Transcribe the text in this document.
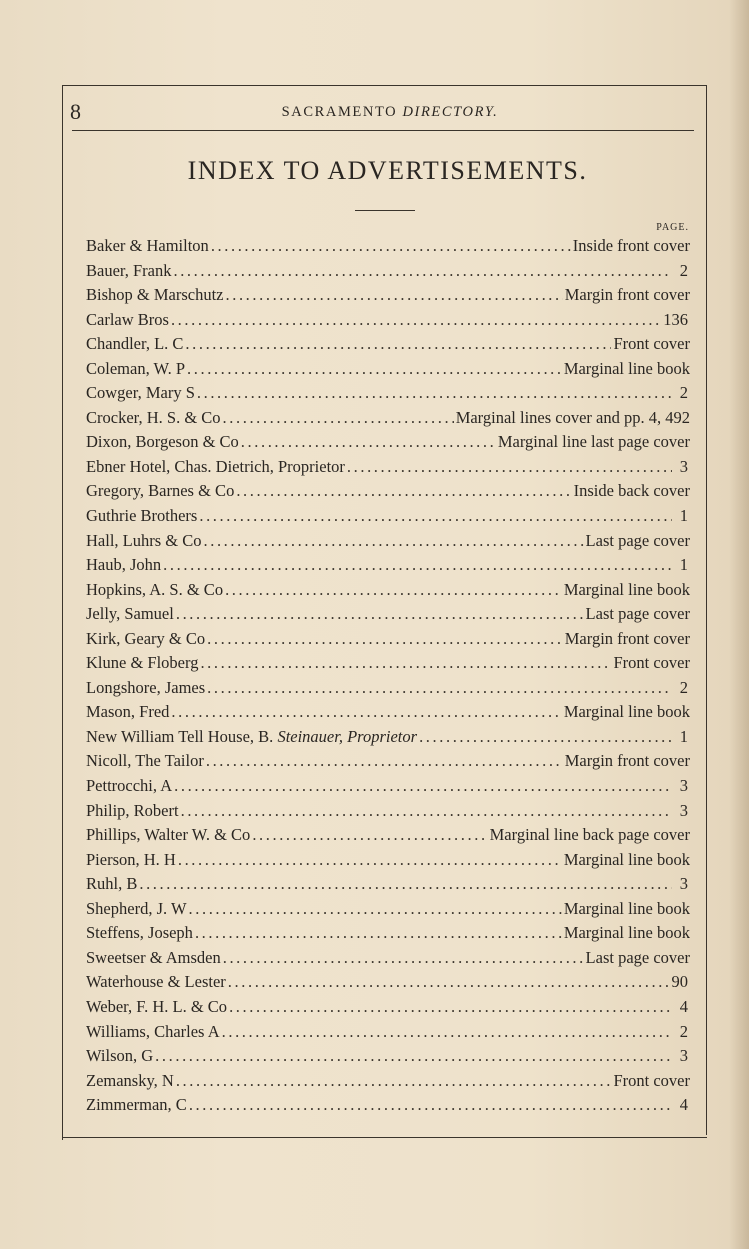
8	SACRAMENTO DIRECTORY.
INDEX TO ADVERTISEMENTS.
PAGE.
Baker & Hamilton .....	Inside front cover
Bauer, Frank .....	2
Bishop & Marschutz .....	Margin front cover
Carlaw Bros .....	136
Chandler, L. C .....	Front cover
Coleman, W. P .....	Marginal line book
Cowger, Mary S .....	2
Crocker, H. S. & Co .....	Marginal lines cover and pp. 4, 492
Dixon, Borgeson & Co .....	Marginal line last page cover
Ebner Hotel, Chas. Dietrich, Proprietor .....	3
Gregory, Barnes & Co .....	Inside back cover
Guthrie Brothers .....	1
Hall, Luhrs & Co .....	Last page cover
Haub, John .....	1
Hopkins, A. S. & Co .....	Marginal line book
Jelly, Samuel .....	Last page cover
Kirk, Geary & Co .....	Margin front cover
Klune & Floberg .....	Front cover
Longshore, James .....	2
Mason, Fred .....	Marginal line book
New William Tell House, B. Steinauer, Proprietor .....	1
Nicoll, The Tailor .....	Margin front cover
Pettrocchi, A .....	3
Philip, Robert .....	3
Phillips, Walter W. & Co .....	Marginal line back page cover
Pierson, H. H .....	Marginal line book
Ruhl, B .....	3
Shepherd, J. W .....	Marginal line book
Steffens, Joseph .....	Marginal line book
Sweetser & Amsden .....	Last page cover
Waterhouse & Lester .....	90
Weber, F. H. L. & Co .....	4
Williams, Charles A .....	2
Wilson, G .....	3
Zemansky, N .....	Front cover
Zimmerman, C .....	4
